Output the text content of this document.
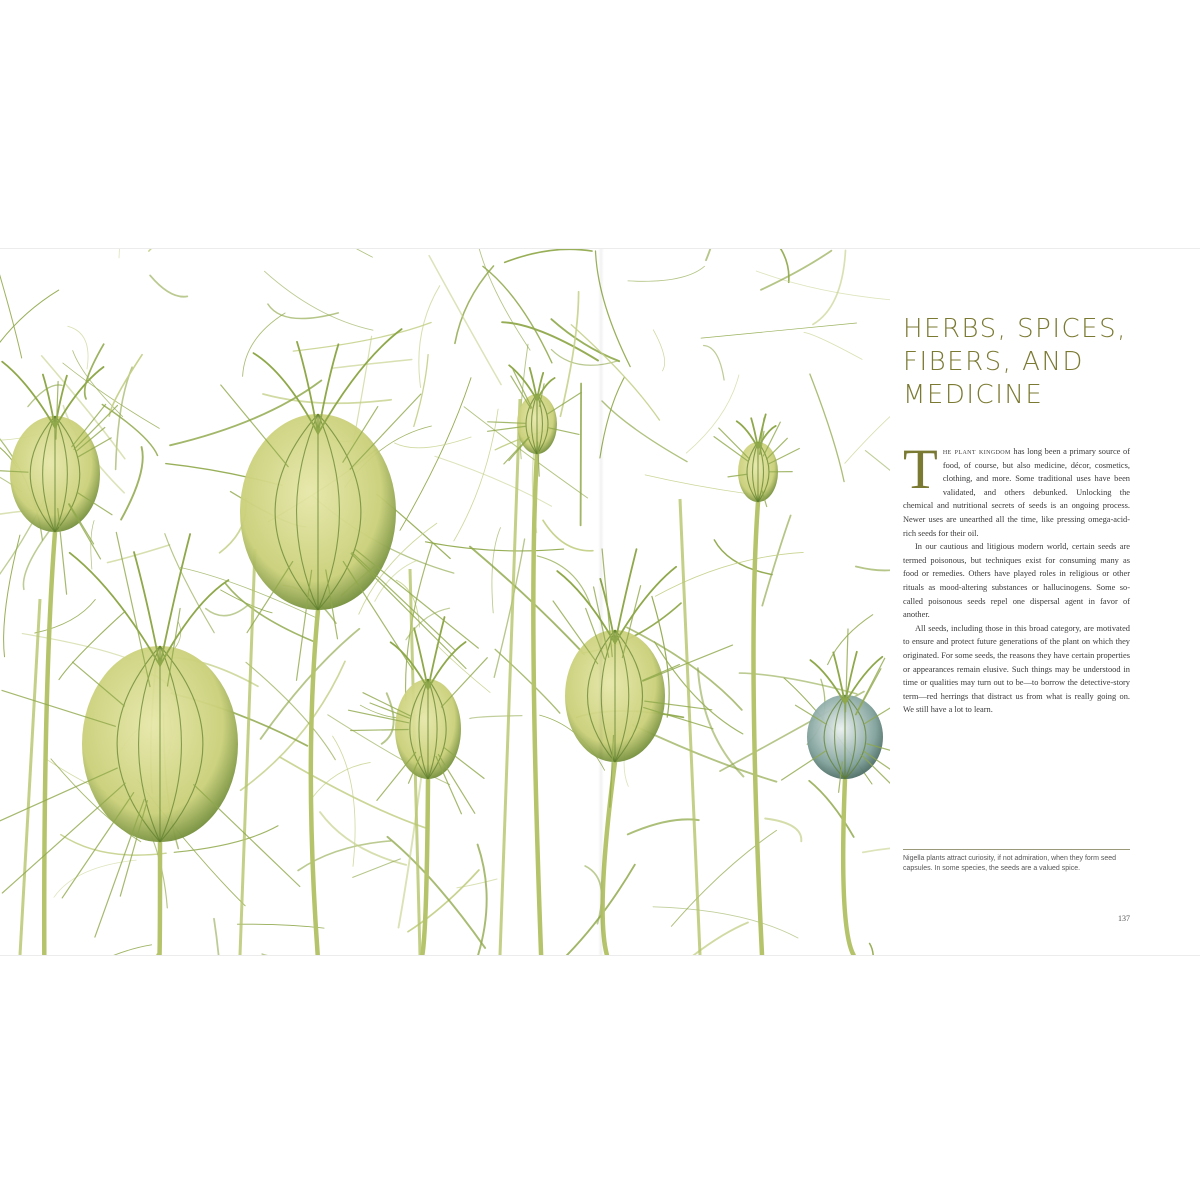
HERBS, SPICES,
FIBERS, AND
MEDICINE

The plant kingdom has long been a primary source of food, of course, but also medicine, décor, cosmetics, clothing, and more. Some traditional uses have been validated, and others debunked. Unlocking the chemical and nutritional secrets of seeds is an ongoing process. Newer uses are unearthed all the time, like pressing omega-acid-rich seeds for their oil.

In our cautious and litigious modern world, certain seeds are termed poisonous, but techniques exist for consuming many as food or remedies. Others have played roles in religious or other rituals as mood-altering substances or hallucinogens. Some so-called poisonous seeds repel one dispersal agent in favor of another.

All seeds, including those in this broad category, are motivated to ensure and protect future generations of the plant on which they originated. For some seeds, the reasons they have certain properties or appearances remain elusive. Such things may be understood in time or qualities may turn out to be—to borrow the detective-story term—red herrings that distract us from what is really going on. We still have a lot to learn.

Nigella plants attract curiosity, if not admiration, when they form seed capsules. In some species, the seeds are a valued spice.
137
